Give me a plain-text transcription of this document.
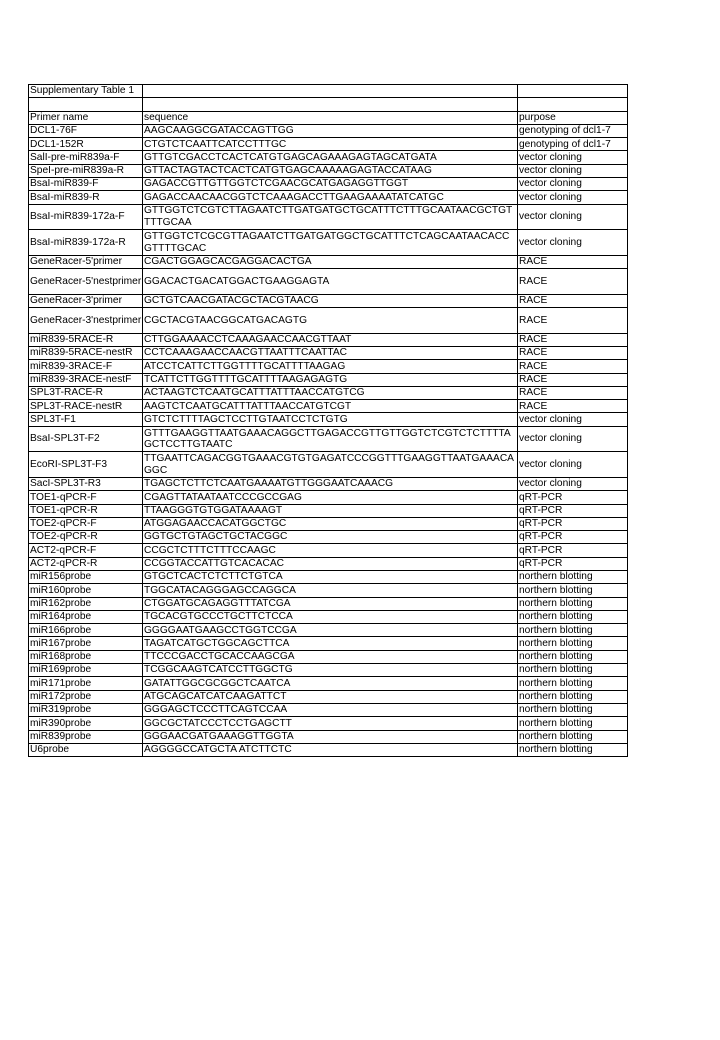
Supplementary Table 1		

Primer name	sequence	purpose
DCL1-76F	AAGCAAGGCGATACCAGTTGG	genotyping of dcl1-7
DCL1-152R	CTGTCTCAATTCATCCTTTGC	genotyping of dcl1-7
SalI-pre-miR839a-F	GTTGTCGACCTCACTCATGTGAGCAGAAAGAGTAGCATGATA	vector cloning
SpeI-pre-miR839a-R	GTTACTAGTACTCACTCATGTGAGCAAAAAGAGTACCATAAG	vector cloning
BsaI-miR839-F	GAGACCGTTGTTGGTCTCGAACGCATGAGAGGTTGGT	vector cloning
BsaI-miR839-R	GAGACCAACAACGGTCTCAAAGACCTTGAAGAAAATATCATGC	vector cloning
BsaI-miR839-172a-F	GTTGGTCTCGTCTTAGAATCTTGATGATGCTGCATTTCTTTGCAATAACGCTGTTTTGCAA	vector cloning
BsaI-miR839-172a-R	GTTGGTCTCGCGTTAGAATCTTGATGATGGCTGCATTTCTCAGCAATAACACCGTTTTGCAC	vector cloning
GeneRacer-5'primer	CGACTGGAGCACGAGGACACTGA	RACE
GeneRacer-5'nestprimer	GGACACTGACATGGACTGAAGGAGTA	RACE
GeneRacer-3'primer	GCTGTCAACGATACGCTACGTAACG	RACE
GeneRacer-3'nestprimer	CGCTACGTAACGGCATGACAGTG	RACE
miR839-5RACE-R	CTTGGAAAACCTCAAAGAACCAACGTTAAT	RACE
miR839-5RACE-nestR	CCTCAAAGAACCAACGTTAATTTCAATTAC	RACE
miR839-3RACE-F	ATCCTCATTCTTGGTTTTGCATTTTAAGAG	RACE
miR839-3RACE-nestF	TCATTCTTGGTTTTGCATTTTAAGAGAGTG	RACE
SPL3T-RACE-R	ACTAAGTCTCAATGCATTTATTTAACCATGTCG	RACE
SPL3T-RACE-nestR	AAGTCTCAATGCATTTATTTAACCATGTCGT	RACE
SPL3T-F1	GTCTCTTTTAGCTCCTTGTAATCCTCTGTG	vector cloning
BsaI-SPL3T-F2	GTTTGAAGGTTAATGAAACAGGCTTGAGACCGTTGTTGGTCTCGTCTCTTTTAGCTCCTTGTAATC	vector cloning
EcoRI-SPL3T-F3	TTGAATTCAGACGGTGAAACGTGTGAGATCCCGGTTTGAAGGTTAATGAAACAGGC	vector cloning
SacI-SPL3T-R3	TGAGCTCTTCTCAATGAAAATGTTGGGAATCAAACG	vector cloning
TOE1-qPCR-F	CGAGTTATAATAATCCCGCCGAG	qRT-PCR
TOE1-qPCR-R	TTAAGGGTGTGGATAAAAGT	qRT-PCR
TOE2-qPCR-F	ATGGAGAACCACATGGCTGC	qRT-PCR
TOE2-qPCR-R	GGTGCTGTAGCTGCTACGGC	qRT-PCR
ACT2-qPCR-F	CCGCTCTTTCTTTCCAAGC	qRT-PCR
ACT2-qPCR-R	CCGGTACCATTGTCACACAC	qRT-PCR
miR156probe	GTGCTCACTCTCTTCTGTCA	northern blotting
miR160probe	TGGCATACAGGGAGCCAGGCA	northern blotting
miR162probe	CTGGATGCAGAGGTTTATCGA	northern blotting
miR164probe	TGCACGTGCCCTGCTTCTCCA	northern blotting
miR166probe	GGGGAATGAAGCCTGGTCCGA	northern blotting
miR167probe	TAGATCATGCTGGCAGCTTCA	northern blotting
miR168probe	TTCCCGACCTGCACCAAGCGA	northern blotting
miR169probe	TCGGCAAGTCATCCTTGGCTG	northern blotting
miR171probe	GATATTGGCGCGGCTCAATCA	northern blotting
miR172probe	ATGCAGCATCATCAAGATTCT	northern blotting
miR319probe	GGGAGCTCCCTTCAGTCCAA	northern blotting
miR390probe	GGCGCTATCCCTCCTGAGCTT	northern blotting
miR839probe	GGGAACGATGAAAGGTTGGTA	northern blotting
U6probe	AGGGGCCATGCTA ATCTTCTC	northern blotting
